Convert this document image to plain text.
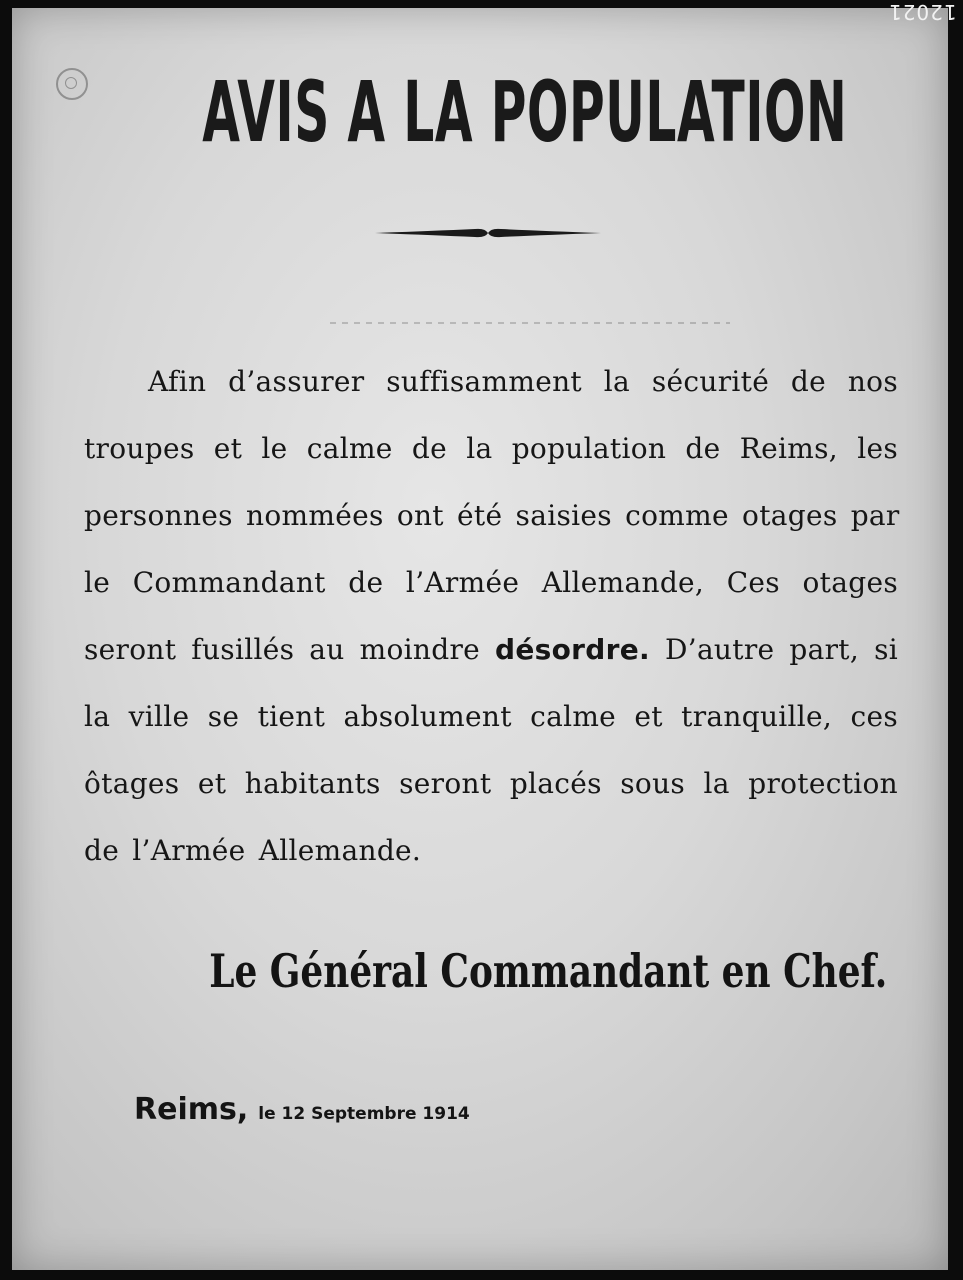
12021
AVIS A LA POPULATION
Afin d’assurer suffisamment la sécurité de nos
troupes et le calme de la population de Reims, les
personnes nommées ont été saisies comme otages par
le Commandant de l’Armée Allemande, Ces otages
seront fusillés au moindre désordre. D’autre part, si
la ville se tient absolument calme et tranquille, ces
ôtages et habitants seront placés sous la protection
de l’Armée Allemande.
Le Général Commandant en Chef.
Reims, le 12 Septembre 1914
